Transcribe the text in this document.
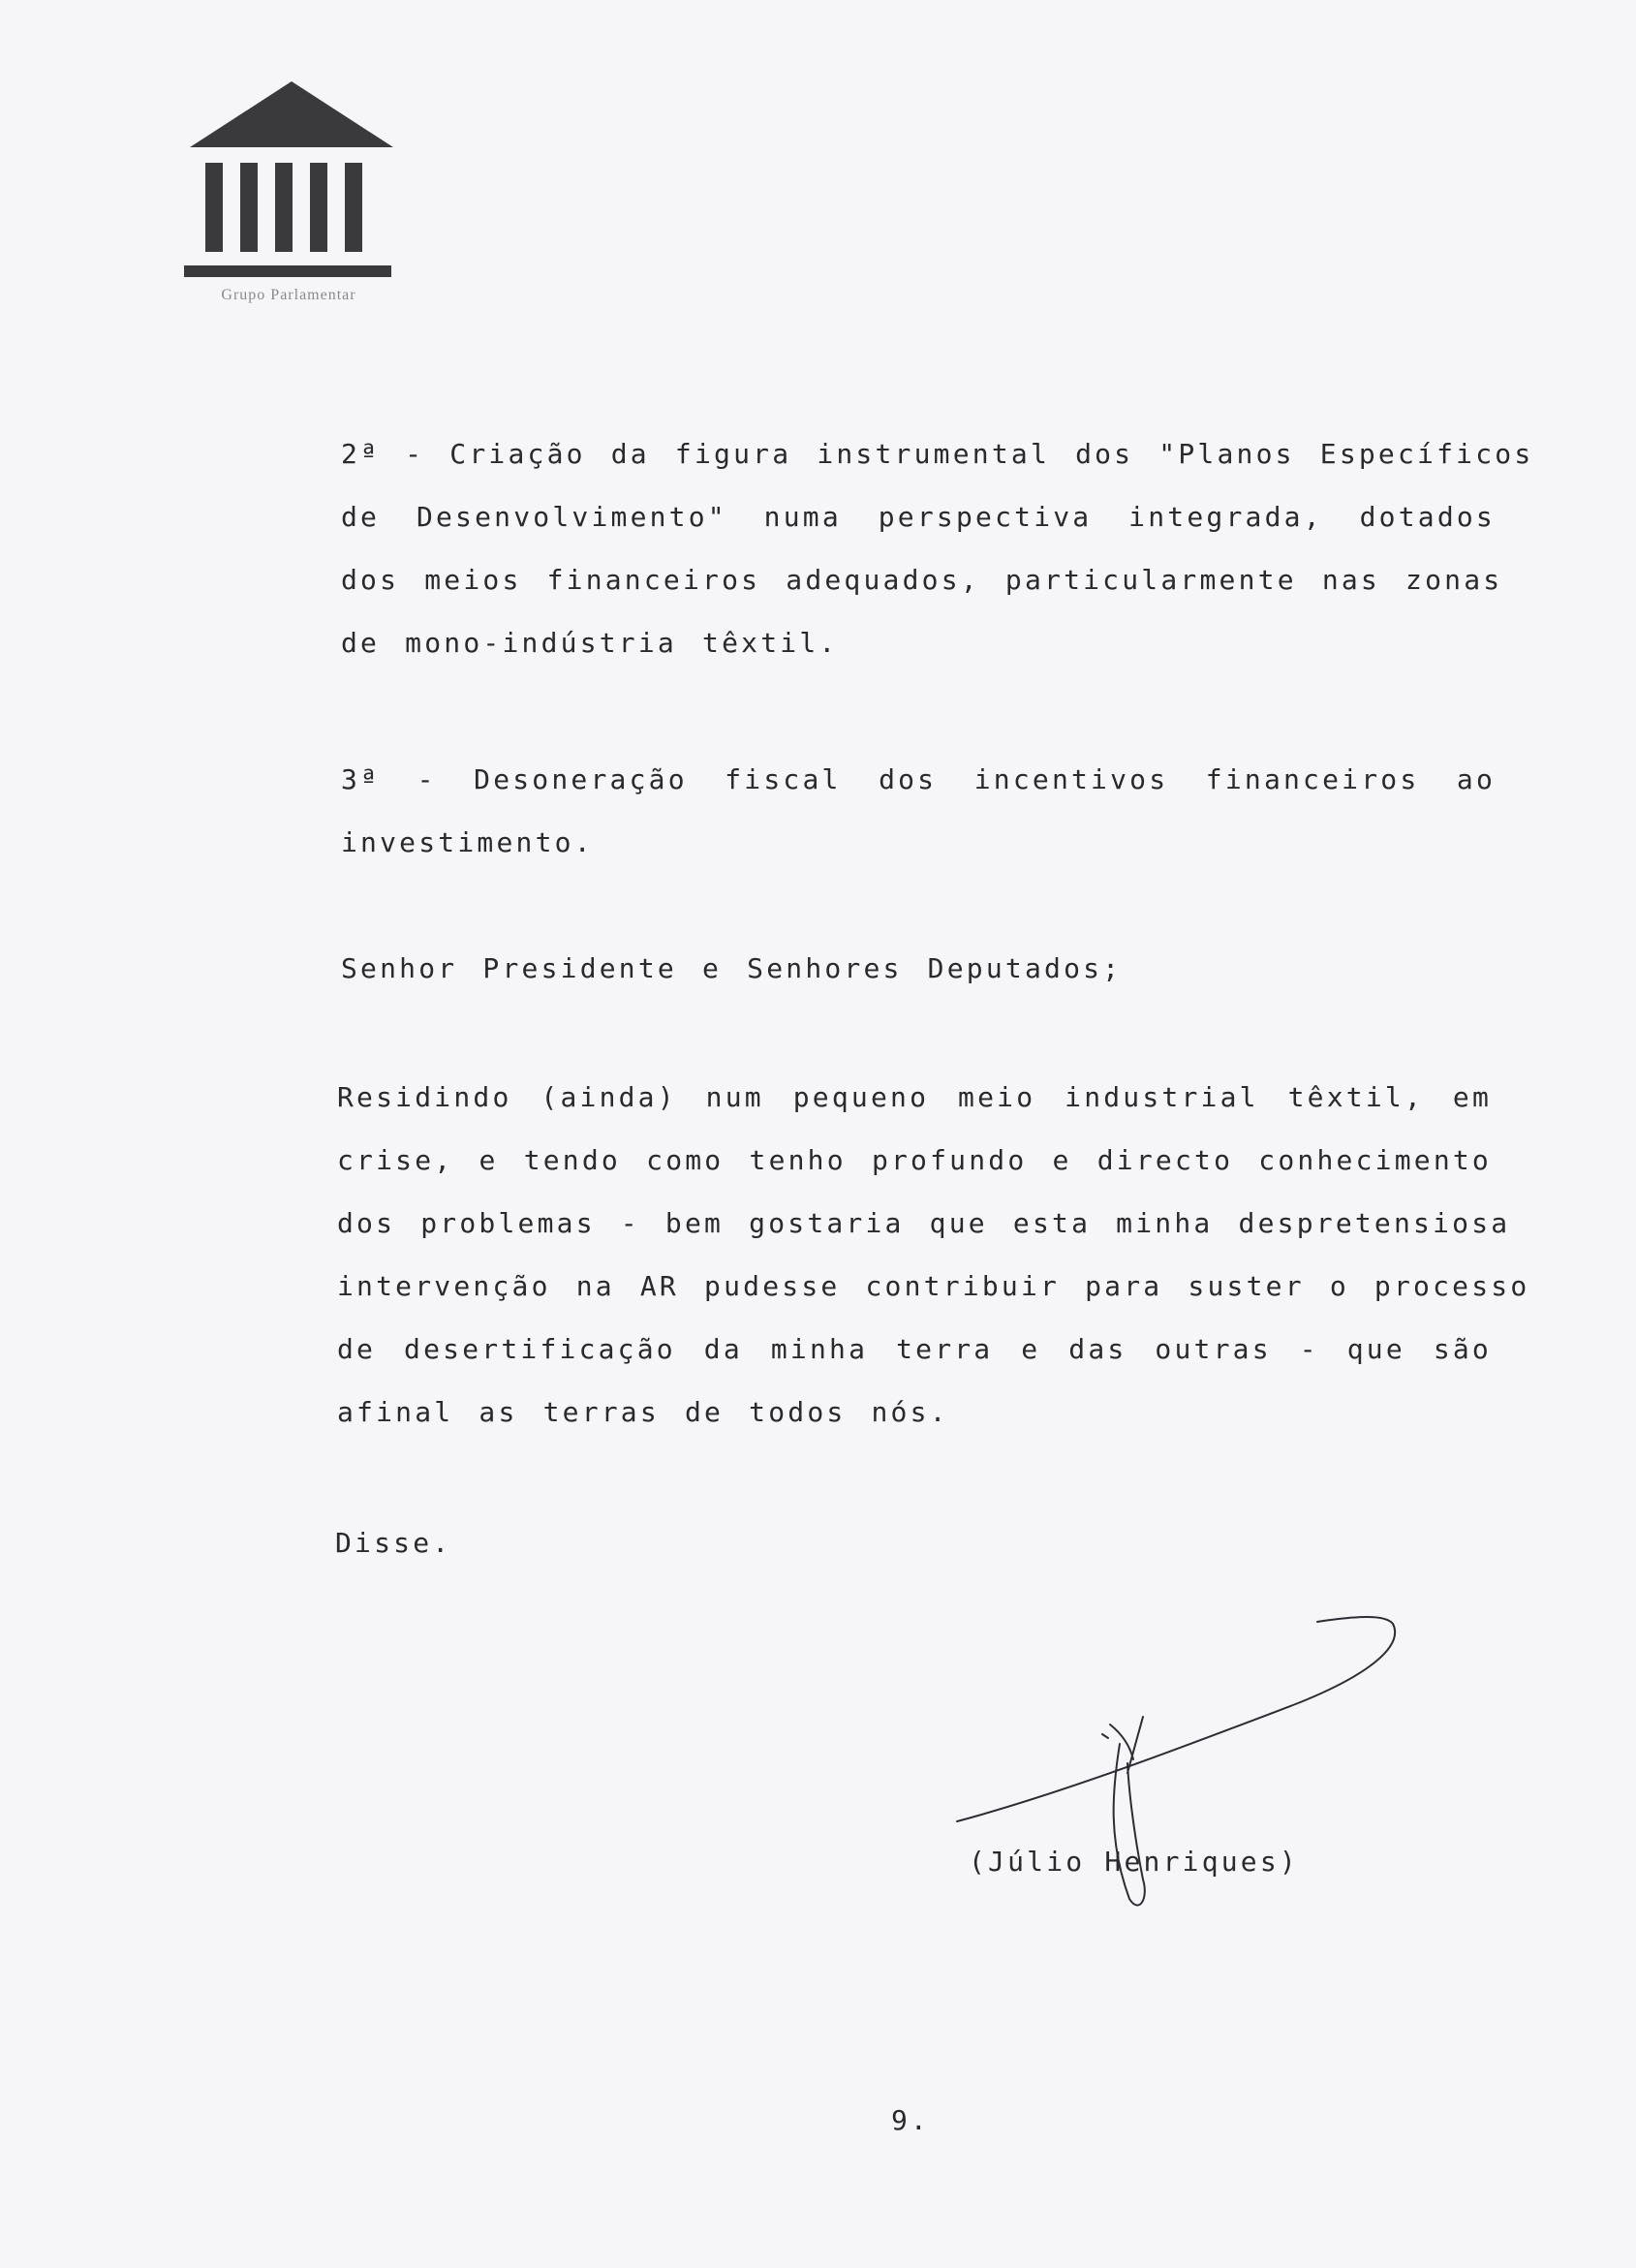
Grupo Parlamentar

2ª - Criação da figura instrumental dos "Planos Específicos
de Desenvolvimento" numa perspectiva integrada, dotados
dos meios financeiros adequados, particularmente nas zonas
de mono-indústria têxtil.

3ª - Desoneração fiscal dos incentivos financeiros ao
investimento.

Senhor Presidente e Senhores Deputados;

Residindo (ainda) num pequeno meio industrial têxtil, em
crise, e tendo como tenho profundo e directo conhecimento
dos problemas - bem gostaria que esta minha despretensiosa
intervenção na AR pudesse contribuir para suster o processo
de desertificação da minha terra e das outras - que são
afinal as terras de todos nós.

Disse.

(Júlio Henriques)
9.
